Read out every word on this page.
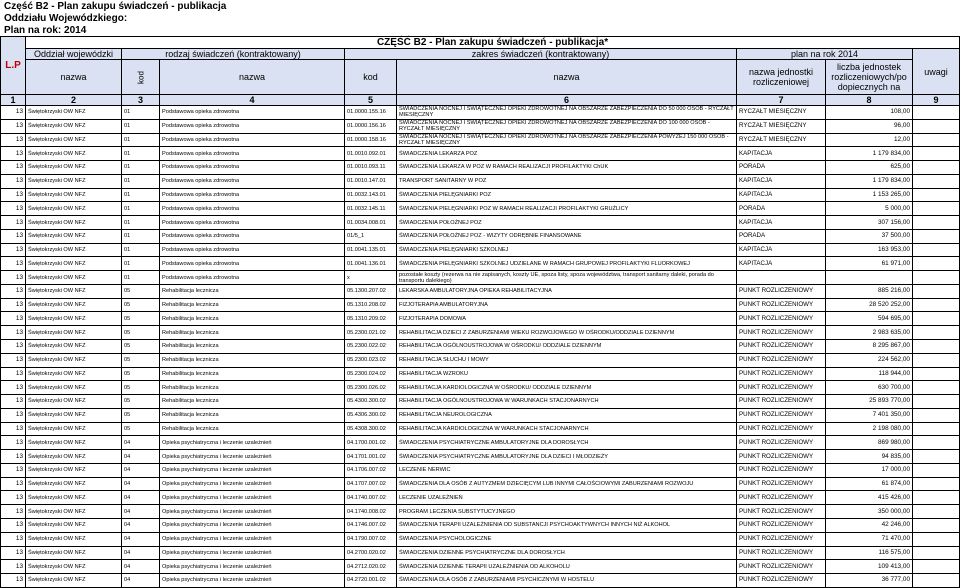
Część B2 - Plan zakupu świadczeń - publikacja
Oddziału Wojewódzkiego:
Plan na rok: 2014
L.P	CZĘŚĆ B2 - Plan zakupu świadczeń - publikacja*							
	Oddział wojewódzki	rodzaj świadczeń (kontraktowany)		zakres świadczeń (kontraktowany)		plan na rok 2014		uwagi
	nazwa	kod	nazwa	kod	nazwa	nazwa jednostki rozliczeniowej	liczba jednostek rozliczeniowych/po dopiecznych na	
1	2	3	4	5	6	7	8	9
13	Świętokrzyski OW NFZ	01	Podstawowa opieka zdrowotna	01.0000.155.16	ŚWIADCZENIA NOCNEJ I ŚWIĄTECZNEJ OPIEKI ZDROWOTNEJ NA OBSZARZE ZABEZPIECZENIA DO 50 000 OSÓB - RYCZAŁT MIESIĘCZNY	RYCZAŁT MIESIĘCZNY	108,00	
13	Świętokrzyski OW NFZ	01	Podstawowa opieka zdrowotna	01.0000.156.16	ŚWIADCZENIA NOCNEJ I ŚWIĄTECZNEJ OPIEKI ZDROWOTNEJ NA OBSZARZE ZABEZPIECZENIA DO 100 000 OSÓB - RYCZAŁT MIESIĘCZNY	RYCZAŁT MIESIĘCZNY	96,00	
13	Świętokrzyski OW NFZ	01	Podstawowa opieka zdrowotna	01.0000.158.16	ŚWIADCZENIA NOCNEJ I ŚWIĄTECZNEJ OPIEKI ZDROWOTNEJ NA OBSZARZE ZABEZPIECZENIA POWYŻEJ 150 000 OSÓB - RYCZAŁT MIESIĘCZNY	RYCZAŁT MIESIĘCZNY	12,00	
13	Świętokrzyski OW NFZ	01	Podstawowa opieka zdrowotna	01.0010.092.01	ŚWIADCZENIA LEKARZA POZ	KAPITACJA	1 179 834,00	
13	Świętokrzyski OW NFZ	01	Podstawowa opieka zdrowotna	01.0010.093.11	ŚWIADCZENIA LEKARZA W POZ W RAMACH REALIZACJI PROFILAKTYKI ChUK	PORADA	625,00	
13	Świętokrzyski OW NFZ	01	Podstawowa opieka zdrowotna	01.0010.147.01	TRANSPORT SANITARNY W POZ	KAPITACJA	1 179 834,00	
13	Świętokrzyski OW NFZ	01	Podstawowa opieka zdrowotna	01.0032.143.01	ŚWIADCZENIA PIELĘGNIARKI POZ	KAPITACJA	1 153 265,00	
13	Świętokrzyski OW NFZ	01	Podstawowa opieka zdrowotna	01.0032.145.11	ŚWIADCZENIA PIELĘGNIARKI POZ W RAMACH REALIZACJI PROFILAKTYKI GRUŹLICY	PORADA	5 000,00	
13	Świętokrzyski OW NFZ	01	Podstawowa opieka zdrowotna	01.0034.008.01	ŚWIADCZENIA POŁOŻNEJ POZ	KAPITACJA	307 156,00	
13	Świętokrzyski OW NFZ	01	Podstawowa opieka zdrowotna	01/5_1	ŚWIADCZENIA POŁOŻNEJ POZ - WIZYTY ODRĘBNIE FINANSOWANE	PORADA	37 500,00	
13	Świętokrzyski OW NFZ	01	Podstawowa opieka zdrowotna	01.0041.135.01	ŚWIADCZENIA PIELĘGNIARKI SZKOLNEJ	KAPITACJA	163 953,00	
13	Świętokrzyski OW NFZ	01	Podstawowa opieka zdrowotna	01.0041.136.01	ŚWIADCZENIA PIELĘGNIARKI SZKOLNEJ UDZIELANE W RAMACH GRUPOWEJ PROFILAKTYKI FLUORKOWEJ	KAPITACJA	61 971,00	
13	Świętokrzyski OW NFZ	01	Podstawowa opieka zdrowotna	x	pozostałe koszty (rezerwa na nie zapisanych, koszty UE, spoza listy, spoza województwa, transport sanitarny daleki, porada do transportu dalekiego)			
13	Świętokrzyski OW NFZ	05	Rehabilitacja lecznicza	05.1300.207.02	LEKARSKA AMBULATORYJNA OPIEKA REHABILITACYJNA	PUNKT ROZLICZENIOWY	885 216,00	
13	Świętokrzyski OW NFZ	05	Rehabilitacja lecznicza	05.1310.208.02	FIZJOTERAPIA AMBULATORYJNA	PUNKT ROZLICZENIOWY	28 520 252,00	
13	Świętokrzyski OW NFZ	05	Rehabilitacja lecznicza	05.1310.209.02	FIZJOTERAPIA DOMOWA	PUNKT ROZLICZENIOWY	594 695,00	
13	Świętokrzyski OW NFZ	05	Rehabilitacja lecznicza	05.2300.021.02	REHABILITACJA DZIECI Z ZABURZENIAMI WIEKU ROZWOJOWEGO W OŚRODKU/ODDZIALE DZIENNYM	PUNKT ROZLICZENIOWY	2 983 635,00	
13	Świętokrzyski OW NFZ	05	Rehabilitacja lecznicza	05.2300.022.02	REHABILITACJA OGÓLNOUSTROJOWA W OŚRODKU/ ODDZIALE DZIENNYM	PUNKT ROZLICZENIOWY	8 295 867,00	
13	Świętokrzyski OW NFZ	05	Rehabilitacja lecznicza	05.2300.023.02	REHABILITACJA SŁUCHU I MOWY	PUNKT ROZLICZENIOWY	224 562,00	
13	Świętokrzyski OW NFZ	05	Rehabilitacja lecznicza	05.2300.024.02	REHABILITACJA WZROKU	PUNKT ROZLICZENIOWY	118 944,00	
13	Świętokrzyski OW NFZ	05	Rehabilitacja lecznicza	05.2300.026.02	REHABILITACJA KARDIOLOGICZNA W OŚRODKU/ ODDZIALE DZIENNYM	PUNKT ROZLICZENIOWY	630 700,00	
13	Świętokrzyski OW NFZ	05	Rehabilitacja lecznicza	05.4300.300.02	REHABILITACJA OGÓLNOUSTROJOWA W WARUNKACH STACJONARNYCH	PUNKT ROZLICZENIOWY	25 893 770,00	
13	Świętokrzyski OW NFZ	05	Rehabilitacja lecznicza	05.4306.300.02	REHABILITACJA NEUROLOGICZNA	PUNKT ROZLICZENIOWY	7 401 350,00	
13	Świętokrzyski OW NFZ	05	Rehabilitacja lecznicza	05.4308.300.02	REHABILITACJA KARDIOLOGICZNA W WARUNKACH STACJONARNYCH	PUNKT ROZLICZENIOWY	2 198 080,00	
13	Świętokrzyski OW NFZ	04	Opieka psychiatryczna i leczenie uzależnień	04.1700.001.02	ŚWIADCZENIA PSYCHIATRYCZNE AMBULATORYJNE DLA DOROSŁYCH	PUNKT ROZLICZENIOWY	869 980,00	
13	Świętokrzyski OW NFZ	04	Opieka psychiatryczna i leczenie uzależnień	04.1701.001.02	ŚWIADCZENIA PSYCHIATRYCZNE AMBULATORYJNE DLA DZIECI I MŁODZIEŻY	PUNKT ROZLICZENIOWY	94 835,00	
13	Świętokrzyski OW NFZ	04	Opieka psychiatryczna i leczenie uzależnień	04.1706.007.02	LECZENIE NERWIC	PUNKT ROZLICZENIOWY	17 000,00	
13	Świętokrzyski OW NFZ	04	Opieka psychiatryczna i leczenie uzależnień	04.1707.007.02	ŚWIADCZENIA DLA OSÓB Z AUTYZMEM DZIECIĘCYM LUB INNYMI CAŁOŚCIOWYMI ZABURZENIAMI ROZWOJU	PUNKT ROZLICZENIOWY	61 874,00	
13	Świętokrzyski OW NFZ	04	Opieka psychiatryczna i leczenie uzależnień	04.1740.007.02	LECZENIE UZALEŻNIEŃ	PUNKT ROZLICZENIOWY	415 426,00	
13	Świętokrzyski OW NFZ	04	Opieka psychiatryczna i leczenie uzależnień	04.1740.008.02	PROGRAM LECZENIA SUBSTYTUCYJNEGO	PUNKT ROZLICZENIOWY	350 000,00	
13	Świętokrzyski OW NFZ	04	Opieka psychiatryczna i leczenie uzależnień	04.1746.007.02	ŚWIADCZENIA TERAPII UZALEŻNIENIA OD SUBSTANCJI PSYCHOAKTYWNYCH INNYCH NIŻ ALKOHOL	PUNKT ROZLICZENIOWY	42 246,00	
13	Świętokrzyski OW NFZ	04	Opieka psychiatryczna i leczenie uzależnień	04.1790.007.02	ŚWIADCZENIA PSYCHOLOGICZNE	PUNKT ROZLICZENIOWY	71 470,00	
13	Świętokrzyski OW NFZ	04	Opieka psychiatryczna i leczenie uzależnień	04.2700.020.02	ŚWIADCZENIA DZIENNE PSYCHIATRYCZNE DLA DOROSŁYCH	PUNKT ROZLICZENIOWY	116 575,00	
13	Świętokrzyski OW NFZ	04	Opieka psychiatryczna i leczenie uzależnień	04.2712.020.02	ŚWIADCZENIA DZIENNE TERAPII UZALEŻNIENIA OD ALKOHOLU	PUNKT ROZLICZENIOWY	109 413,00	
13	Świętokrzyski OW NFZ	04	Opieka psychiatryczna i leczenie uzależnień	04.2720.001.02	ŚWIADCZENIA DLA OSÓB Z ZABURZENIAMI PSYCHICZNYMI W HOSTELU	PUNKT ROZLICZENIOWY	36 777,00	
